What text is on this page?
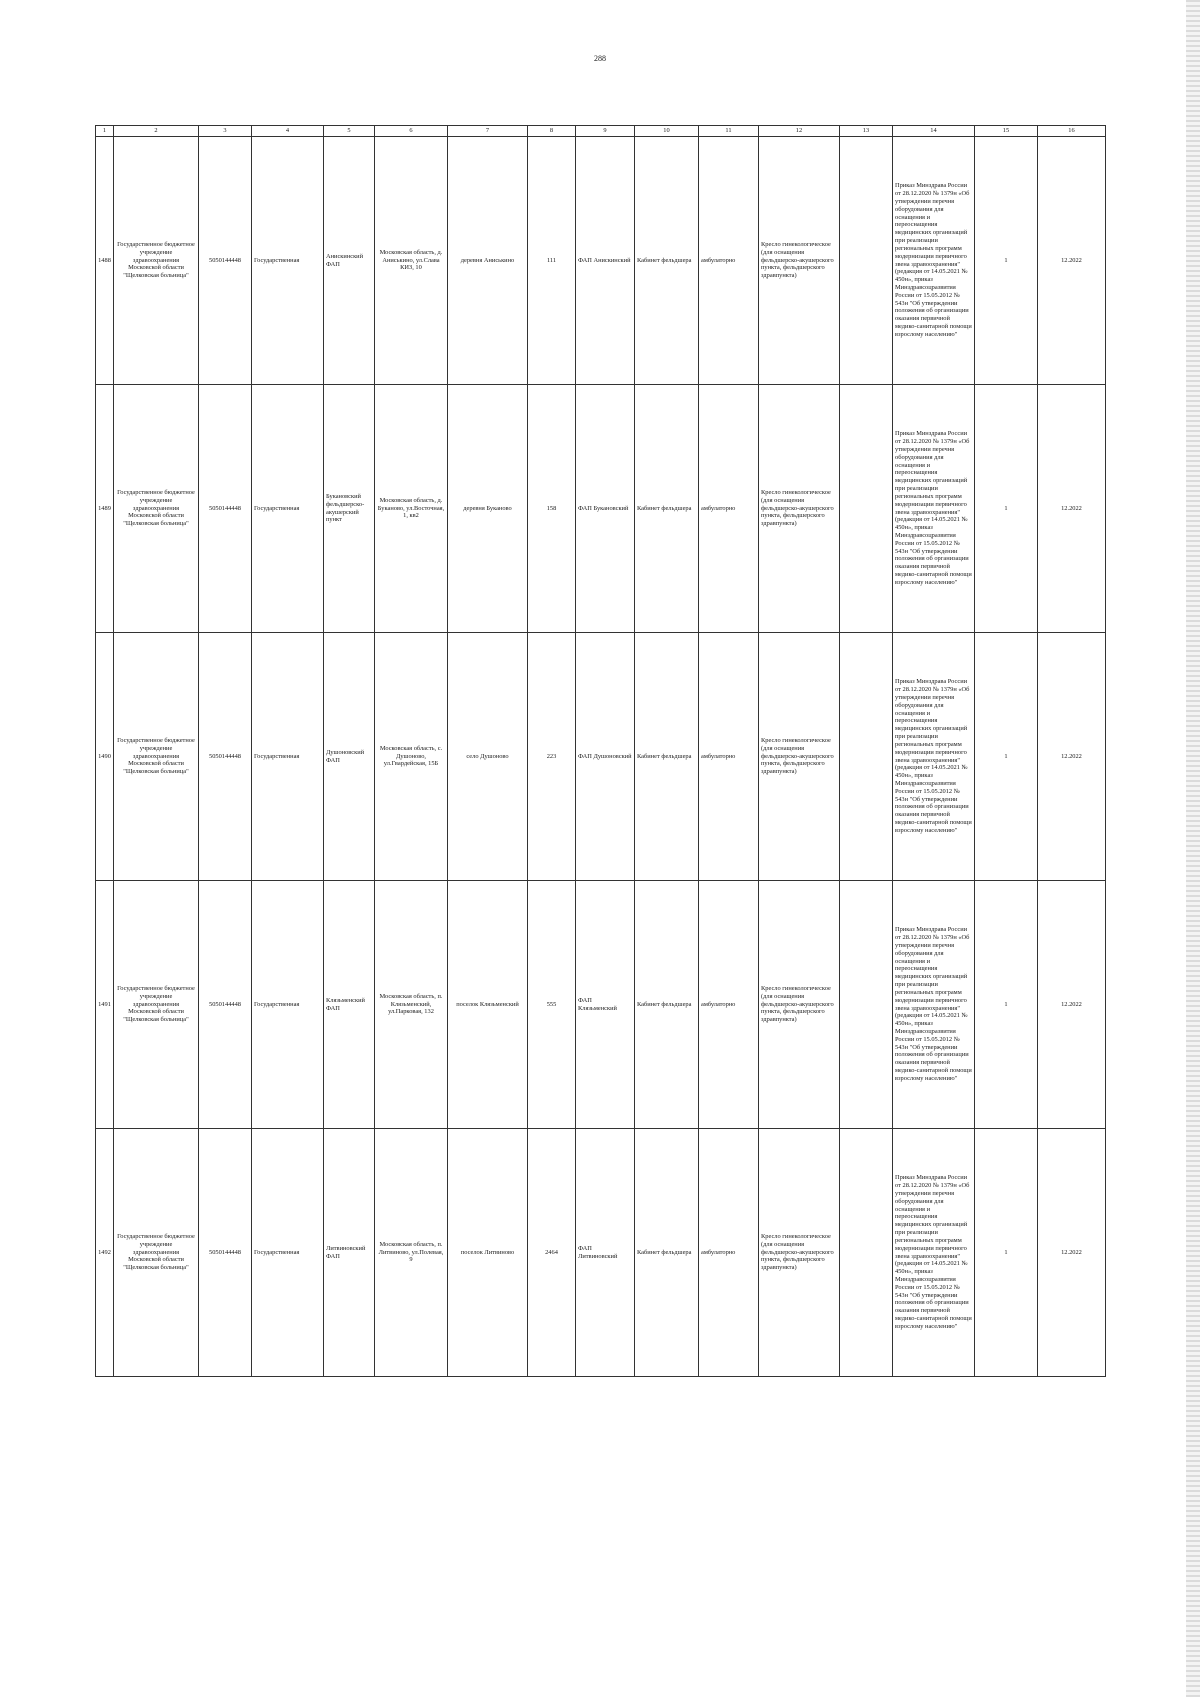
288
1	2	3	4	5	6	7	8	9	10	11	12	13	14	15	16
1488	Государственное бюджетное учреждение здравоохранения Московской области "Щелковская больница"	5050144448	Государственная	Анискинский ФАП	Московская область, д. Аниськино, ул.Слава КИЗ, 10	деревня Аниськино	111	ФАП Анискинский	Кабинет фельдшера	амбулаторно	Кресло гинекологическое (для оснащения фельдшерско-акушерского пункта, фельдшерского здравпункта)		Приказ Минздрава России от 28.12.2020 № 1379н «Об утверждении перечня оборудования для оснащения и переоснащения медицинских организаций при реализации региональных программ модернизации первичного звена здравоохранения"(редакция от 14.05.2021 № 450н», приказ Минздравсоцразвития России от 15.05.2012 № 543н "Об утверждении положения об организации оказания первичной медико-санитарной помощи взрослому населению"	1	12.2022
1489	Государственное бюджетное учреждение здравоохранения Московской области "Щелковская больница"	5050144448	Государственная	Букановский фельдшерско-акушерский пункт	Московская область, д. Буканово, ул.Восточная, 1, кв2	деревня Буканово	158	ФАП Букановский	Кабинет фельдшера	амбулаторно	Кресло гинекологическое (для оснащения фельдшерско-акушерского пункта, фельдшерского здравпункта)		Приказ Минздрава России от 28.12.2020 № 1379н «Об утверждении перечня оборудования для оснащения и переоснащения медицинских организаций при реализации региональных программ модернизации первичного звена здравоохранения"(редакция от 14.05.2021 № 450н», приказ Минздравсоцразвития России от 15.05.2012 № 543н "Об утверждении положения об организации оказания первичной медико-санитарной помощи взрослому населению"	1	12.2022
1490	Государственное бюджетное учреждение здравоохранения Московской области "Щелковская больница"	5050144448	Государственная	Душоновский ФАП	Московская область, с. Душоново, ул.Гвардейская, 15Б	село Душоново	223	ФАП Душоновский	Кабинет фельдшера	амбулаторно	Кресло гинекологическое (для оснащения фельдшерско-акушерского пункта, фельдшерского здравпункта)		Приказ Минздрава России от 28.12.2020 № 1379н «Об утверждении перечня оборудования для оснащения и переоснащения медицинских организаций при реализации региональных программ модернизации первичного звена здравоохранения"(редакция от 14.05.2021 № 450н», приказ Минздравсоцразвития России от 15.05.2012 № 543н "Об утверждении положения об организации оказания первичной медико-санитарной помощи взрослому населению"	1	12.2022
1491	Государственное бюджетное учреждение здравоохранения Московской области "Щелковская больница"	5050144448	Государственная	Клязьменский ФАП	Московская область, п. Клязьменский, ул.Парковая, 132	поселок Клязьменский	555	ФАП Клязьменский	Кабинет фельдшера	амбулаторно	Кресло гинекологическое (для оснащения фельдшерско-акушерского пункта, фельдшерского здравпункта)		Приказ Минздрава России от 28.12.2020 № 1379н «Об утверждении перечня оборудования для оснащения и переоснащения медицинских организаций при реализации региональных программ модернизации первичного звена здравоохранения"(редакция от 14.05.2021 № 450н», приказ Минздравсоцразвития России от 15.05.2012 № 543н "Об утверждении положения об организации оказания первичной медико-санитарной помощи взрослому населению"	1	12.2022
1492	Государственное бюджетное учреждение здравоохранения Московской области "Щелковская больница"	5050144448	Государственная	Литвиновский ФАП	Московская область, п. Литвиново, ул.Полевая, 9	поселок Литвиново	2464	ФАП Литвиновский	Кабинет фельдшера	амбулаторно	Кресло гинекологическое (для оснащения фельдшерско-акушерского пункта, фельдшерского здравпункта)		Приказ Минздрава России от 28.12.2020 № 1379н «Об утверждении перечня оборудования для оснащения и переоснащения медицинских организаций при реализации региональных программ модернизации первичного звена здравоохранения"(редакция от 14.05.2021 № 450н», приказ Минздравсоцразвития России от 15.05.2012 № 543н "Об утверждении положения об организации оказания первичной медико-санитарной помощи взрослому населению"	1	12.2022
